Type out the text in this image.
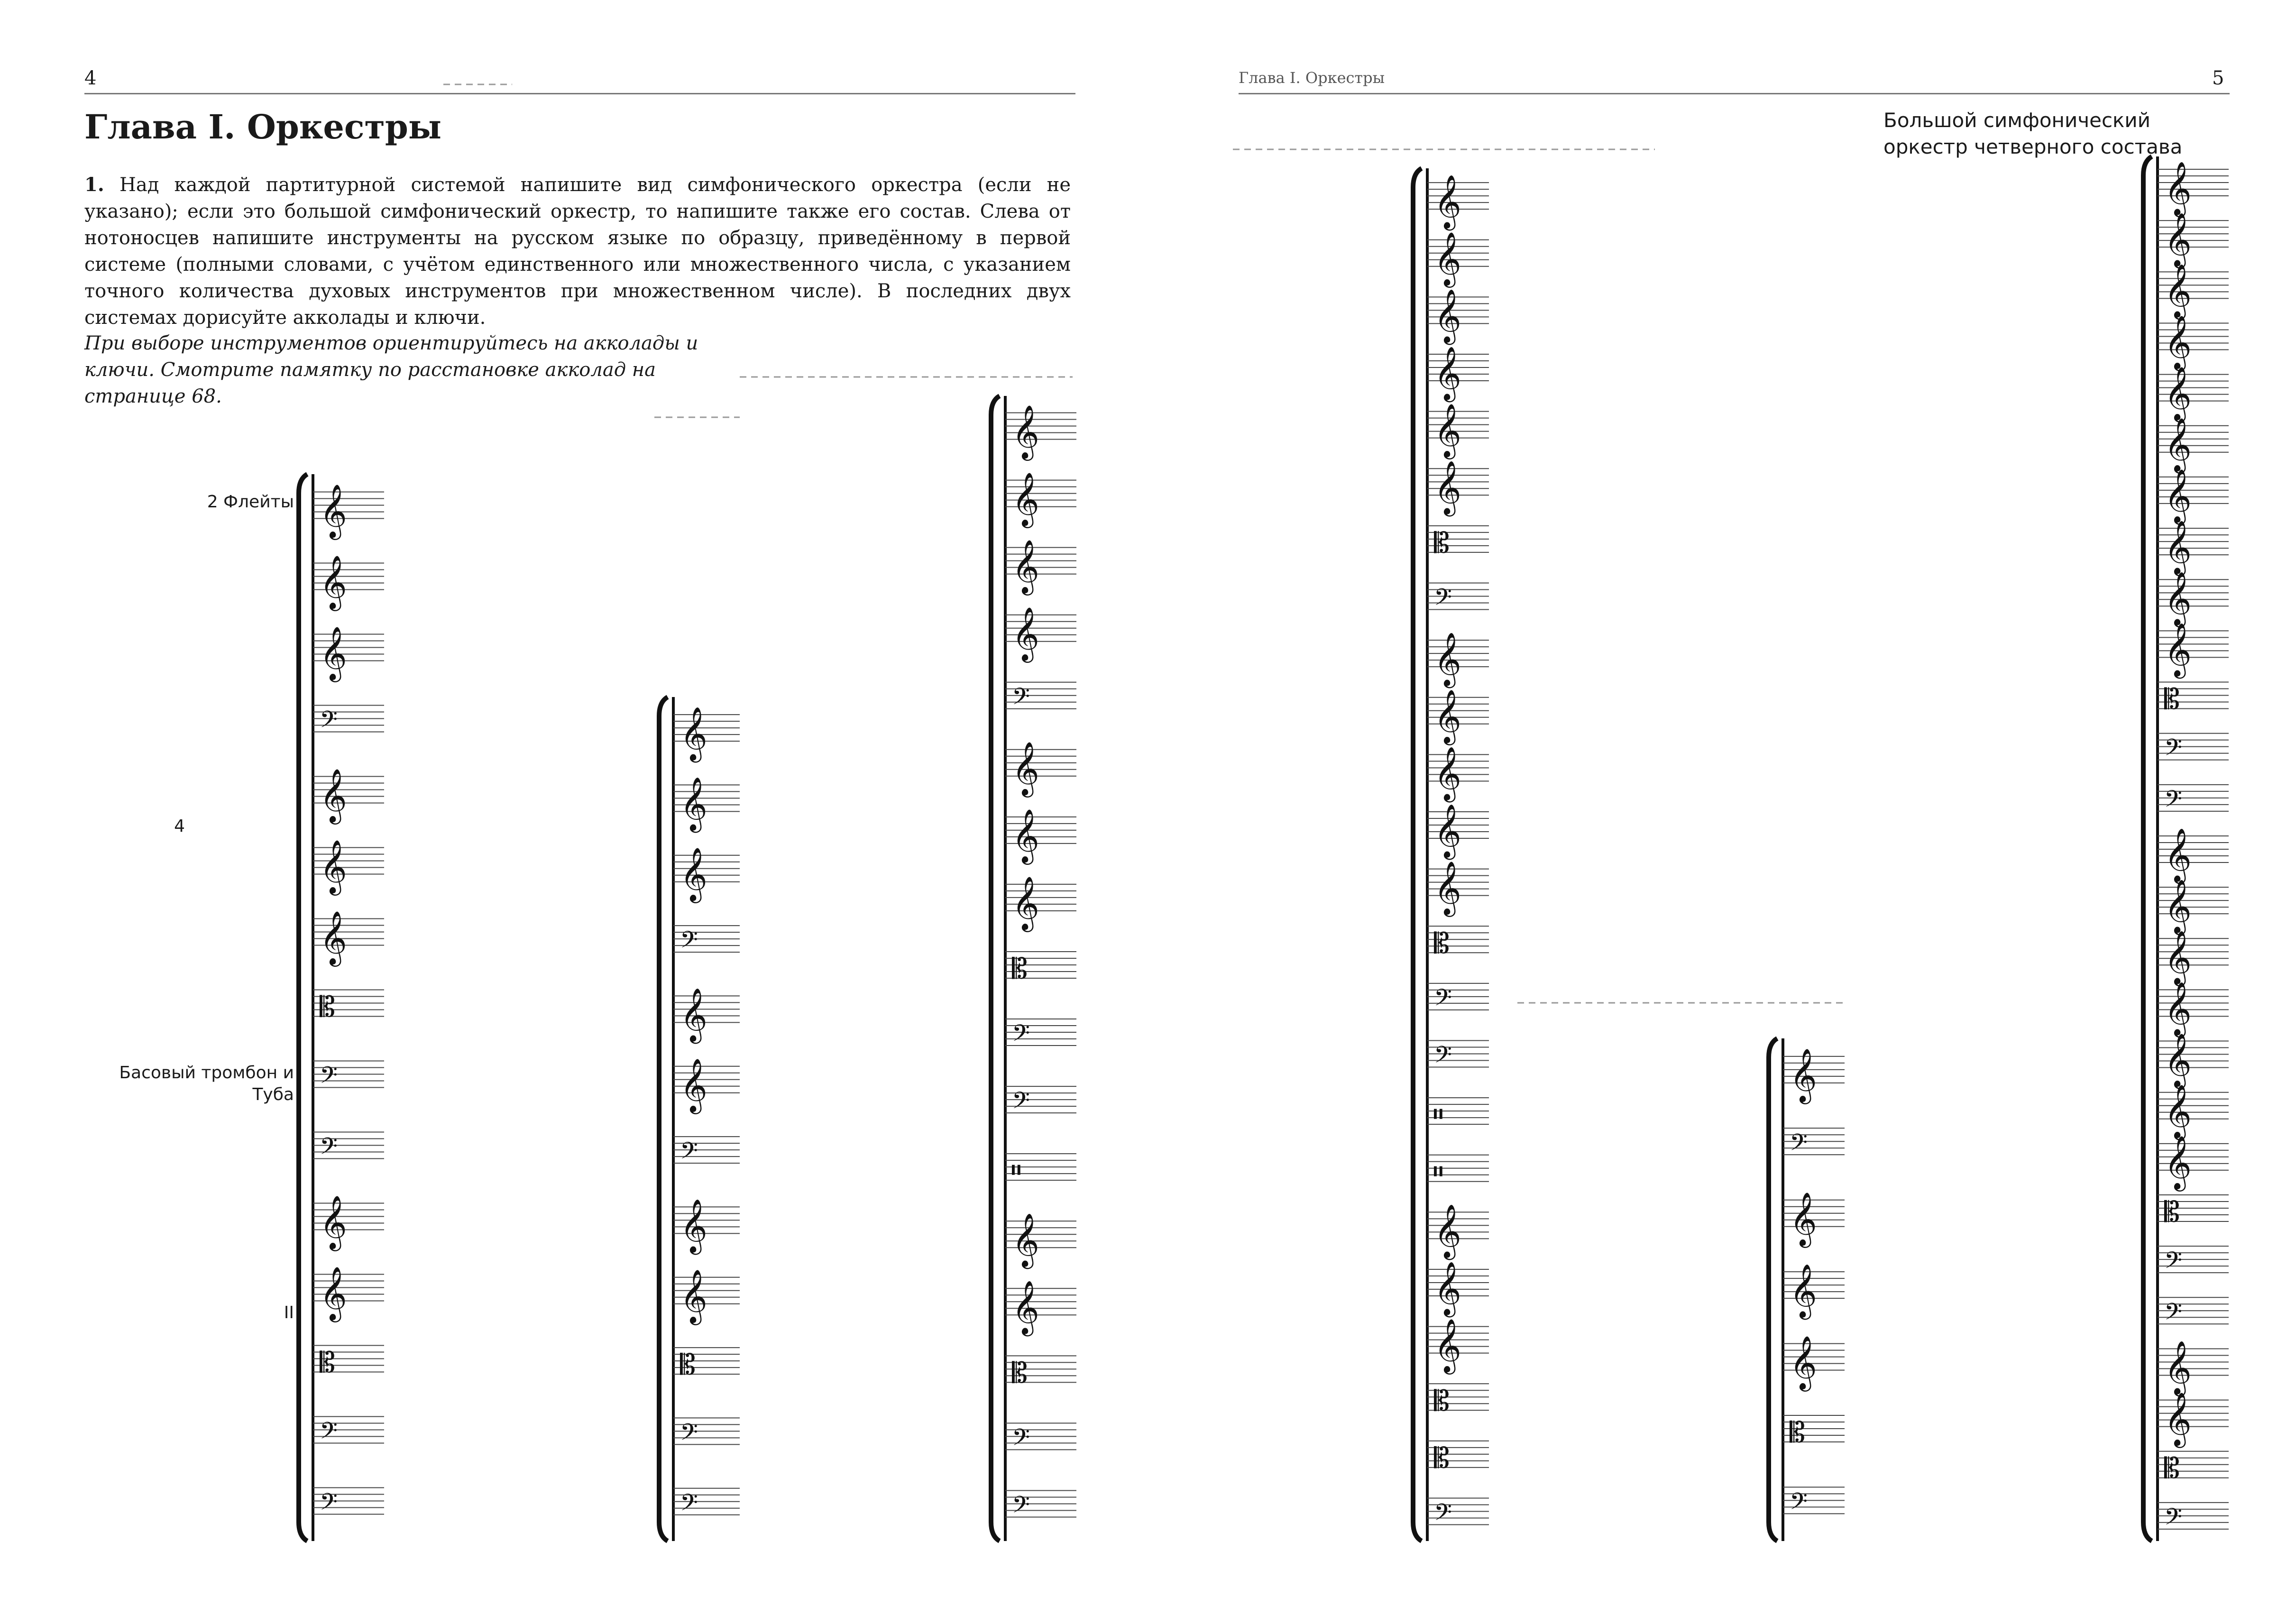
4	5
Глава I. Оркестры
Глава I. Оркестры

1. Над каждой партитурной системой напишите вид симфонического оркестра (если не указано); если это большой симфонический оркестр, то напишите также его состав. Слева от нотоносцев напишите инструменты на русском языке по образцу, приведённому в первой системе (полными словами, с учётом единственного или множественного числа, с указанием точного количества духовых инструментов при множественном числе). В последних двух системах дорисуйте акколады и ключи.

При выборе инструментов ориентируйтесь на акколады и ключи. Смотрите памятку по расстановке акколад на странице 68.

Большой симфонический оркестр четверного состава

2 Флейты
4
Басовый тромбон и Туба
II
𝄞
𝄞
𝄞
𝄢
𝄞
𝄞
𝄞
𝄡
𝄢
𝄢
𝄞
𝄞
𝄡
𝄢
𝄢
𝄞
𝄞
𝄞
𝄢
𝄞
𝄞
𝄢
𝄞
𝄞
𝄡
𝄢
𝄢
𝄞
𝄞
𝄞
𝄞
𝄢
𝄞
𝄞
𝄞
𝄡
𝄢
𝄢
𝄥
𝄞
𝄞
𝄡
𝄢
𝄢
𝄞
𝄞
𝄞
𝄞
𝄞
𝄞
𝄡
𝄢
𝄞
𝄞
𝄞
𝄞
𝄞
𝄡
𝄢
𝄢
𝄥
𝄥
𝄞
𝄞
𝄞
𝄡
𝄡
𝄢
𝄞
𝄢
𝄞
𝄞
𝄞
𝄡
𝄢
𝄞
𝄞
𝄞
𝄞
𝄞
𝄞
𝄞
𝄞
𝄞
𝄞
𝄡
𝄢
𝄢
𝄞
𝄞
𝄞
𝄞
𝄞
𝄞
𝄞
𝄡
𝄢
𝄢
𝄞
𝄞
𝄡
𝄢
